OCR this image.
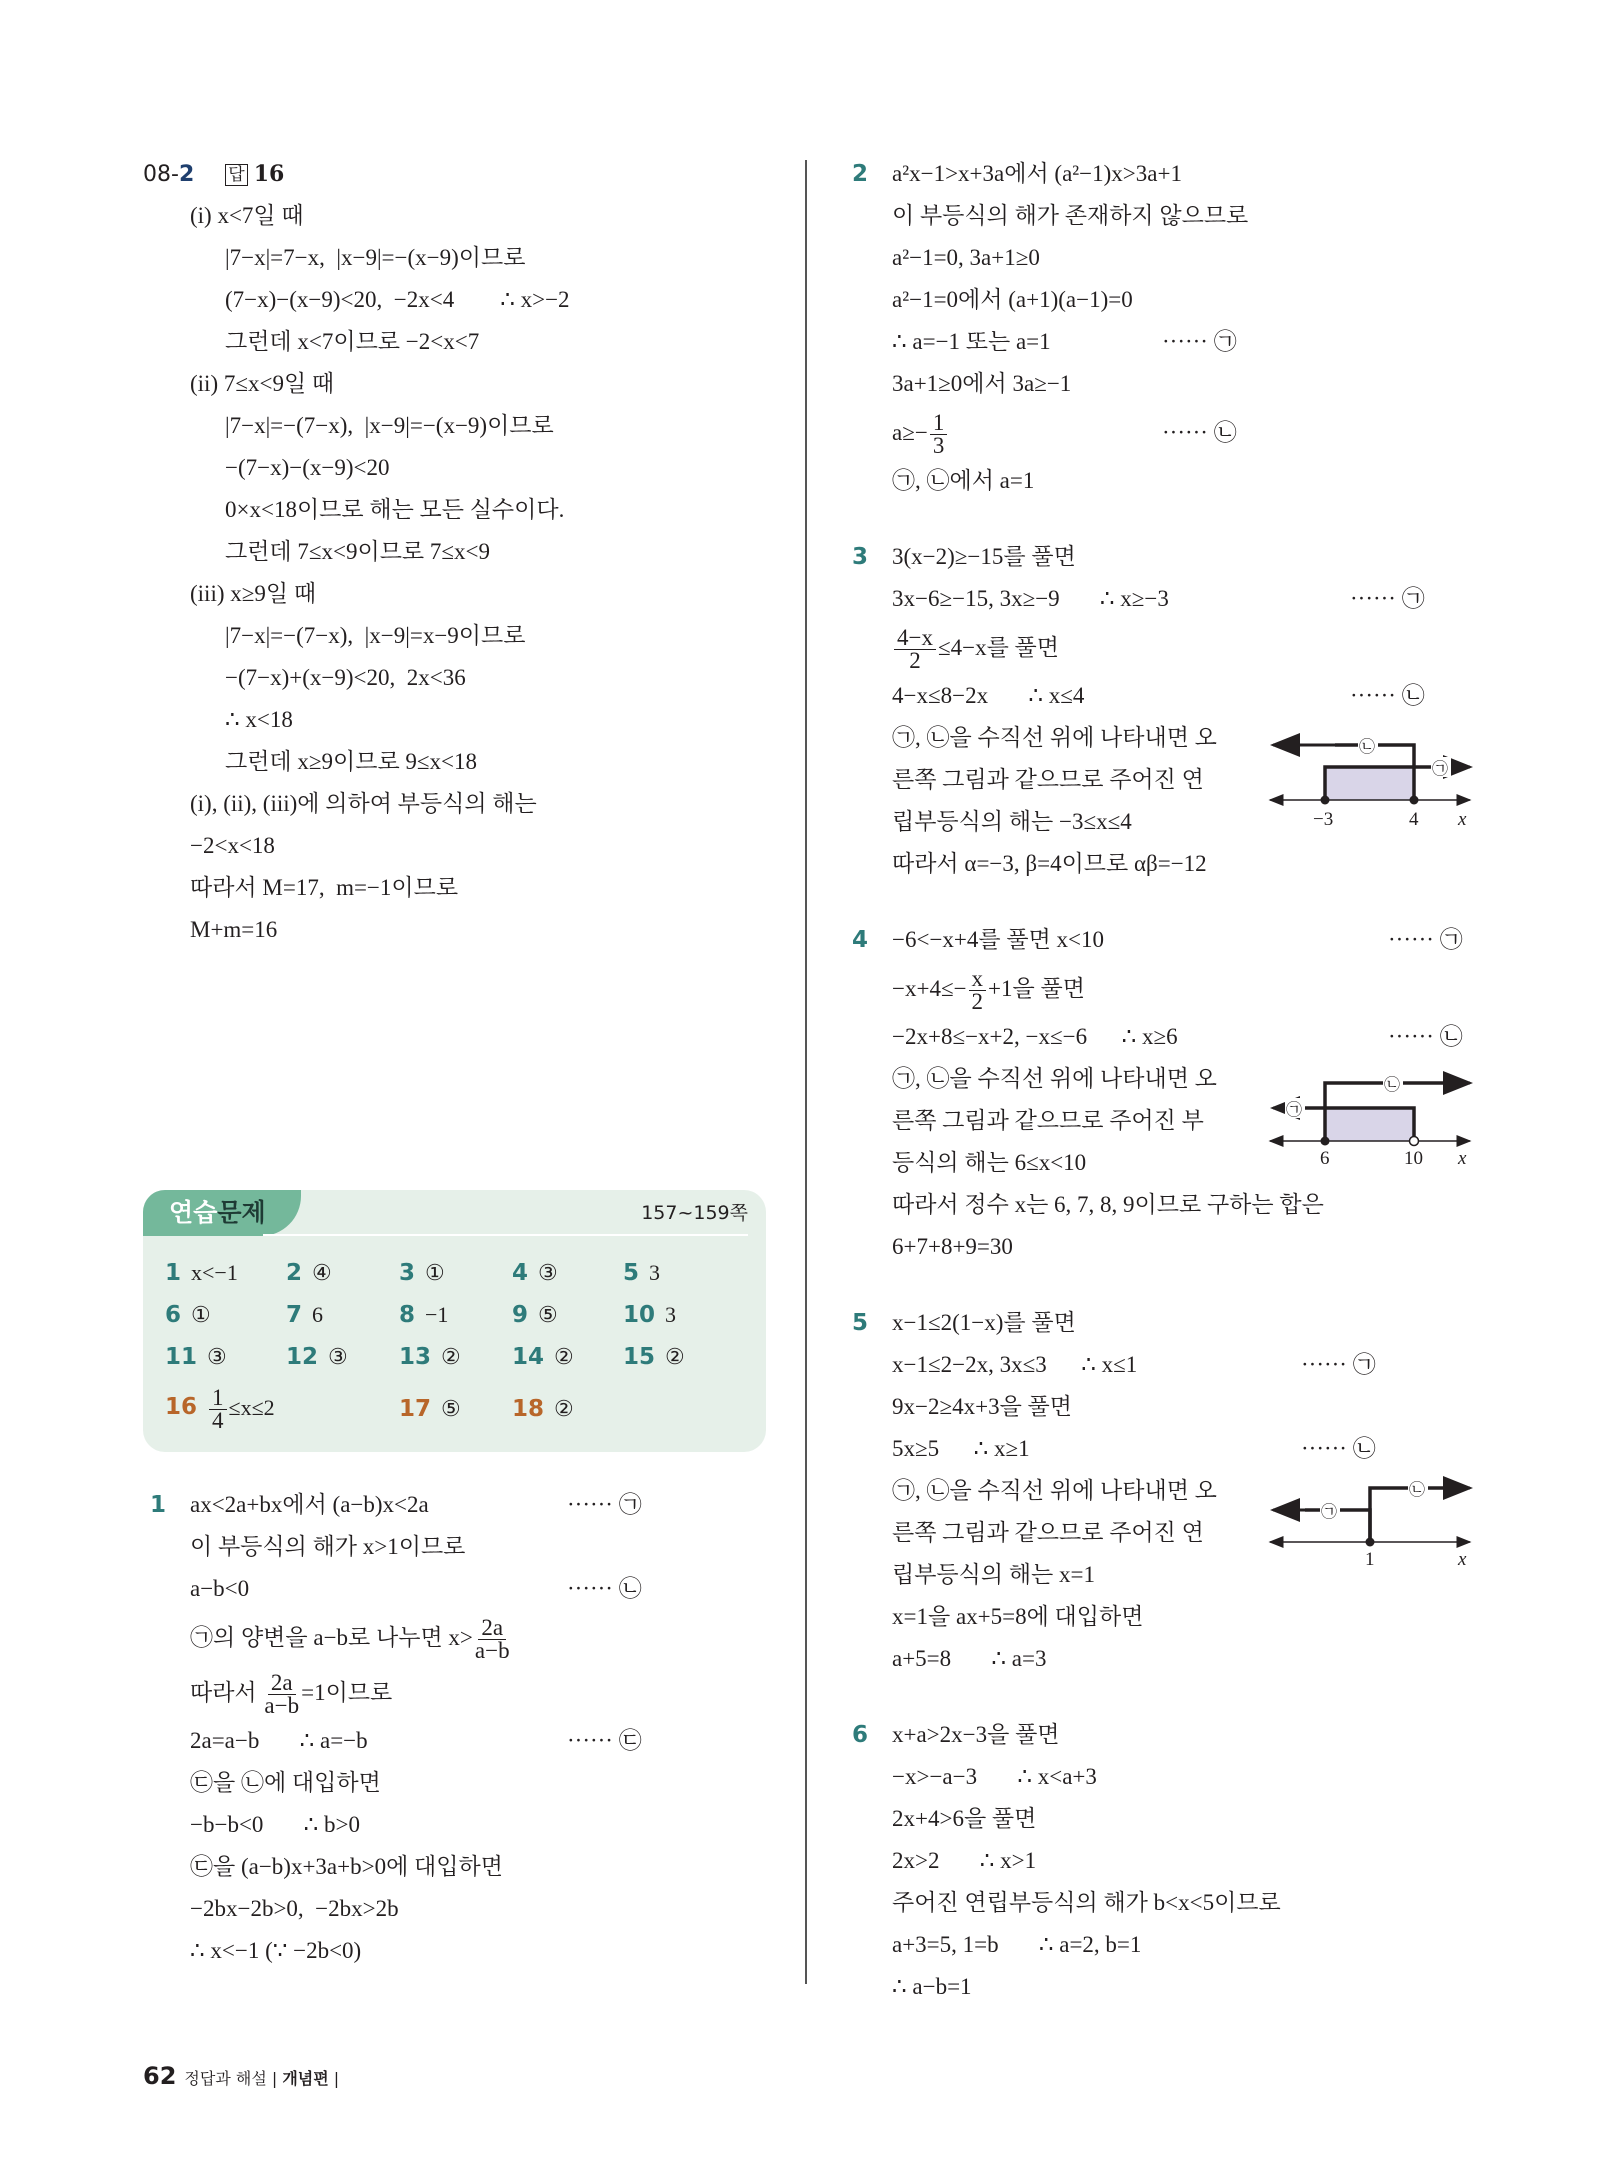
08-2 답 16
(i) x<7일 때
|7−x|=7−x,  |x−9|=−(x−9)이므로
(7−x)−(x−9)<20,  −2x<4        ∴ x>−2
그런데 x<7이므로 −2<x<7
(ii) 7≤x<9일 때
|7−x|=−(7−x),  |x−9|=−(x−9)이므로
−(7−x)−(x−9)<20
0×x<18이므로 해는 모든 실수이다.
그런데 7≤x<9이므로 7≤x<9
(iii) x≥9일 때
|7−x|=−(7−x),  |x−9|=x−9이므로
−(7−x)+(x−9)<20,  2x<36
∴ x<18
그런데 x≥9이므로 9≤x<18
(i), (ii), (iii)에 의하여 부등식의 해는
−2<x<18
따라서 M=17,  m=−1이므로
M+m=16
연습문제	157~159쪽
1 x<−1	2 ④	3 ①	4 ③	5 3
6 ①	7 6	8 −1	9 ⑤	10 3
11 ③	12 ③	13 ②	14 ②	15 ②
$16 \frac{1}{4} \le x\le 2$	17 ⑤	18 ②
1 ax<2a+bx에서 (a−b)x<2a	······ ㉠
이 부등식의 해가 x>1이므로
a−b<0	······ ㉡
㉠의 양변을 a−b로 나누면 $x> \frac{2a}{a-b}$
따라서 $\frac{2a}{a-b} =1$이므로
2a=a−b       ∴ a=−b	······ ㉢
㉢을 ㉡에 대입하면
−b−b<0       ∴ b>0
㉢을 (a−b)x+3a+b>0에 대입하면
−2bx−2b>0,  −2bx>2b
∴ x<−1 (∵ −2b<0)
2 a²x−1>x+3a에서 (a²−1)x>3a+1
이 부등식의 해가 존재하지 않으므로
a²−1=0, 3a+1≥0
a²−1=0에서 (a+1)(a−1)=0
∴ a=−1 또는 a=1	······ ㉠
3a+1≥0에서 3a≥−1
$a\ge- \frac{1}{3}$	······ ㉡
㉠, ㉡에서 a=1
3 3(x−2)≥−15를 풀면
3x−6≥−15, 3x≥−9       ∴ x≥−3	······ ㉠
$\frac{4-x}{2} \le 4-x$를 풀면
4−x≤8−2x       ∴ x≤4	······ ㉡
㉠, ㉡을 수직선 위에 나타내면 오
른쪽 그림과 같으므로 주어진 연
립부등식의 해는 −3≤x≤4
따라서 α=−3, β=4이므로 αβ=−12
4 −6<−x+4를 풀면 x<10	······ ㉠
$-x+4\le- \frac{x}{2} +1$을 풀면
−2x+8≤−x+2, −x≤−6      ∴ x≥6	······ ㉡
㉠, ㉡을 수직선 위에 나타내면 오
른쪽 그림과 같으므로 주어진 부
등식의 해는 6≤x<10
따라서 정수 x는 6, 7, 8, 9이므로 구하는 합은
6+7+8+9=30
5 x−1≤2(1−x)를 풀면
x−1≤2−2x, 3x≤3      ∴ x≤1	······ ㉠
9x−2≥4x+3을 풀면
5x≥5      ∴ x≥1	······ ㉡
㉠, ㉡을 수직선 위에 나타내면 오
른쪽 그림과 같으므로 주어진 연
립부등식의 해는 x=1
x=1을 ax+5=8에 대입하면
a+5=8       ∴ a=3
6 x+a>2x−3을 풀면
−x>−a−3       ∴ x<a+3
2x+4>6을 풀면
2x>2       ∴ x>1
주어진 연립부등식의 해가 b<x<5이므로
a+3=5, 1=b       ∴ a=2, b=1
∴ a−b=1
㉡
㉠
−3	4 x
㉡
㉠
6	10 x
㉡
㉠
1	x
62 정답과 해설 | 개념편 |
